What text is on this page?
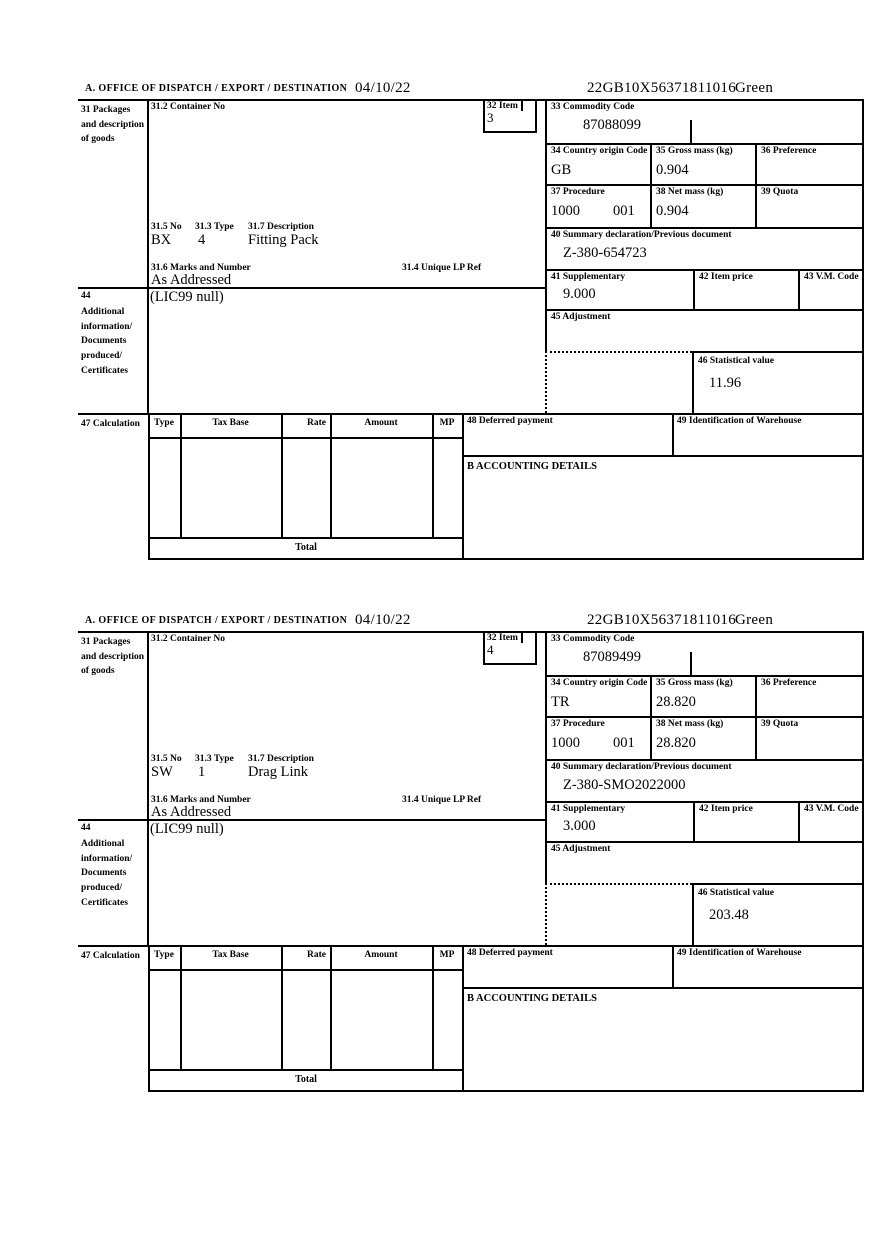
A. OFFICE OF DISPATCH / EXPORT / DESTINATION 04/10/22	22GB10X56371811016
Green
31 Packages and description of goods
31.2 Container No	32 Item
3
33 Commodity Code
87088099
34 Country origin Code
GB
35 Gross mass (kg)
0.904
36 Preference
37 Procedure
1000 001
38 Net mass (kg)
0.904
39 Quota
40 Summary declaration/Previous document
Z-380-654723
41 Supplementary
9.000
42 Item price	43 V.M. Code
45 Adjustment
46 Statistical value
11.96
31.5 No 31.3 Type 31.7 Description
BX 4	Fitting Pack
31.6 Marks and Number	31.4 Unique LP Ref
As Addressed
44
Additional information/ Documents produced/ Certificates
(LIC99 null)
47 Calculation	Type	Tax Base	Rate	Amount	MP
Total
48 Deferred payment	49 Identification of Warehouse
B ACCOUNTING DETAILS
A. OFFICE OF DISPATCH / EXPORT / DESTINATION 04/10/22	22GB10X56371811016
Green
31 Packages and description of goods
31.2 Container No	32 Item
4
33 Commodity Code
87089499
34 Country origin Code
TR
35 Gross mass (kg)
28.820
36 Preference
37 Procedure
1000 001
38 Net mass (kg)
28.820
39 Quota
40 Summary declaration/Previous document
Z-380-SMO2022000
41 Supplementary
3.000
42 Item price	43 V.M. Code
45 Adjustment
46 Statistical value
203.48
31.5 No 31.3 Type 31.7 Description
SW 1	Drag Link
31.6 Marks and Number	31.4 Unique LP Ref
As Addressed
44
Additional information/ Documents produced/ Certificates
(LIC99 null)
47 Calculation	Type	Tax Base	Rate	Amount	MP
Total
48 Deferred payment	49 Identification of Warehouse
B ACCOUNTING DETAILS
